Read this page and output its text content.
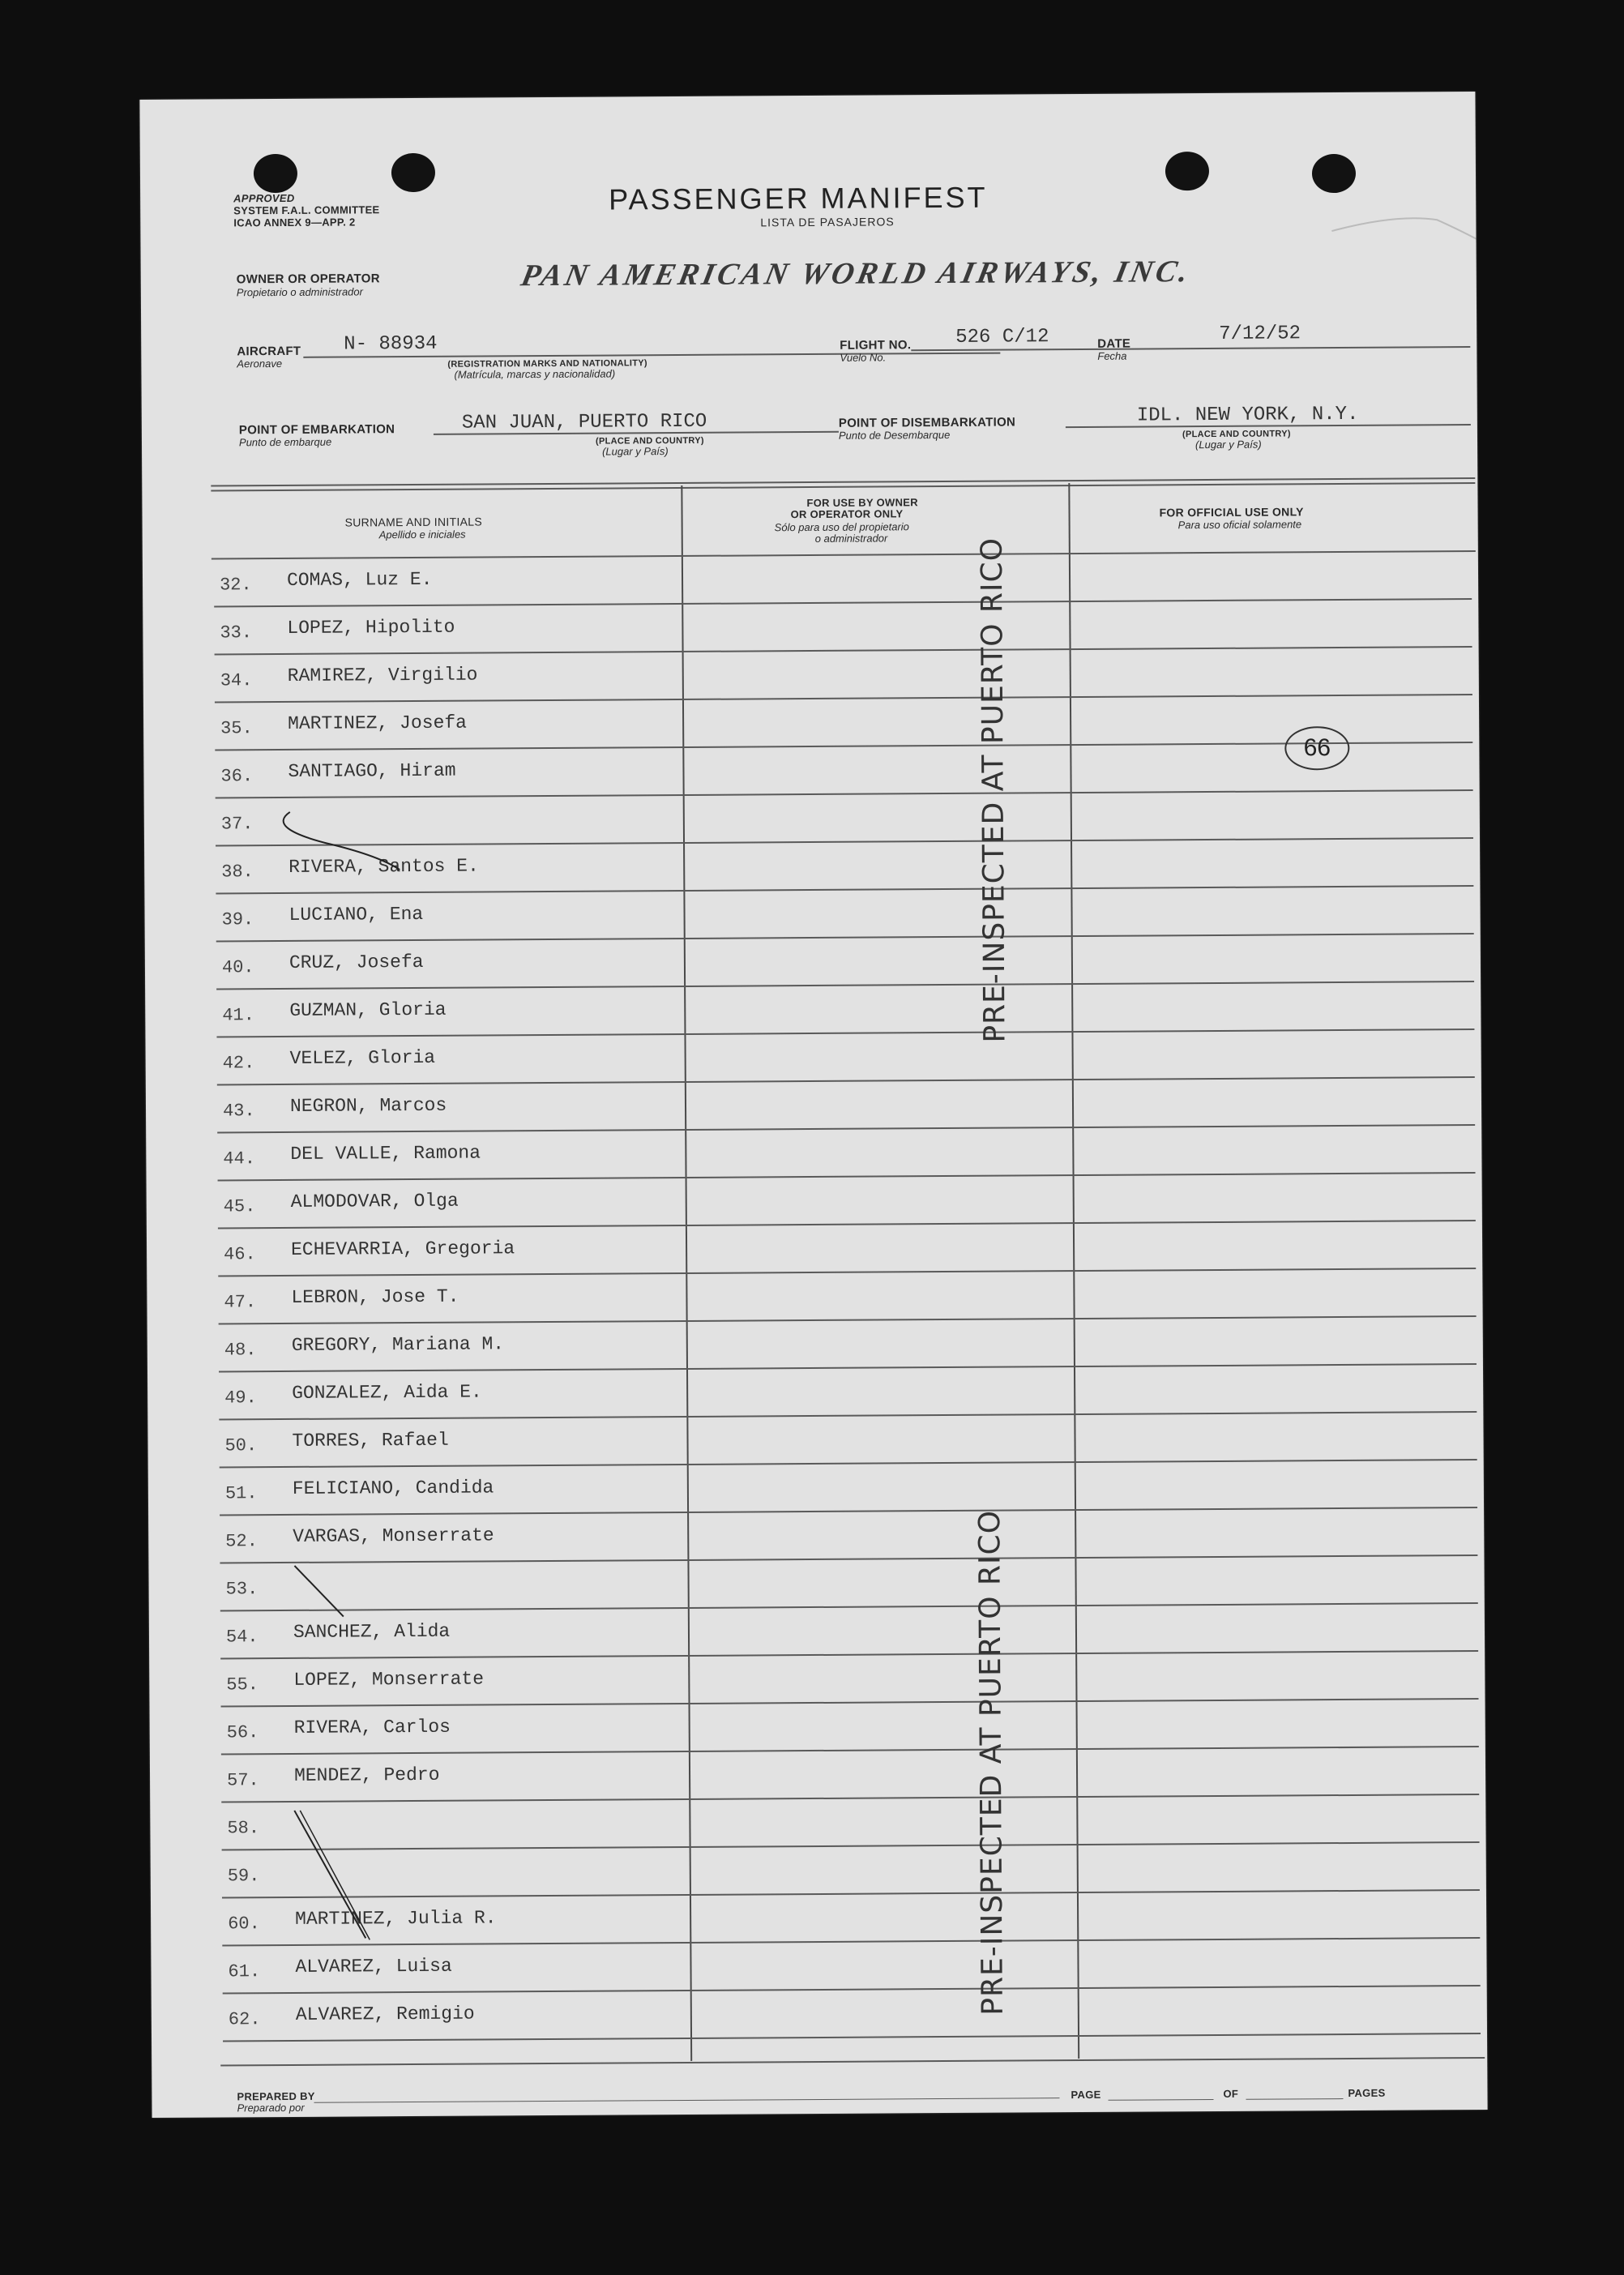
APPROVED
SYSTEM F.A.L. COMMITTEE
ICAO ANNEX 9—APP. 2
PASSENGER MANIFEST
LISTA DE PASAJEROS
OWNER OR OPERATOR
Propietario o administrador	PAN AMERICAN WORLD AIRWAYS, INC.
AIRCRAFT
Aeronave
N- 88934
(REGISTRATION MARKS AND NATIONALITY)
(Matrícula, marcas y nacionalidad)
FLIGHT NO.
Vuelo No.
526 C/12	DATE
Fecha
7/12/52
POINT OF EMBARKATION
Punto de embarque
SAN JUAN, PUERTO RICO
(PLACE AND COUNTRY)
(Lugar y País)
POINT OF DISEMBARKATION
Punto de Desembarque
IDL. NEW YORK, N.Y.
(PLACE AND COUNTRY)
(Lugar y País)
SURNAME AND INITIALS
Apellido e iniciales
FOR USE BY OWNER
OR OPERATOR ONLY
Sólo para uso del propietario
o administrador
FOR OFFICIAL USE ONLY
Para uso oficial solamente
32. COMAS, Luz E.
33. LOPEZ, Hipolito
34. RAMIREZ, Virgilio
35. MARTINEZ, Josefa
36. SANTIAGO, Hiram
37.
38. RIVERA, Santos E.
39. LUCIANO, Ena
40. CRUZ, Josefa
41. GUZMAN, Gloria
42. VELEZ, Gloria
43. NEGRON, Marcos
44. DEL VALLE, Ramona
45. ALMODOVAR, Olga
46. ECHEVARRIA, Gregoria
47. LEBRON, Jose T.
48. GREGORY, Mariana M.
49. GONZALEZ, Aida E.
50. TORRES, Rafael
51. FELICIANO, Candida
52. VARGAS, Monserrate
53.
54. SANCHEZ, Alida
55. LOPEZ, Monserrate
56. RIVERA, Carlos
57. MENDEZ, Pedro
58.
59.
60. MARTINEZ, Julia R.
61. ALVAREZ, Luisa
62. ALVAREZ, Remigio
PRE-INSPECTED AT PUERTO RICO
PRE-INSPECTED AT PUERTO RICO
66
PREPARED BY
Preparado por
PAGE	OF	PAGES
